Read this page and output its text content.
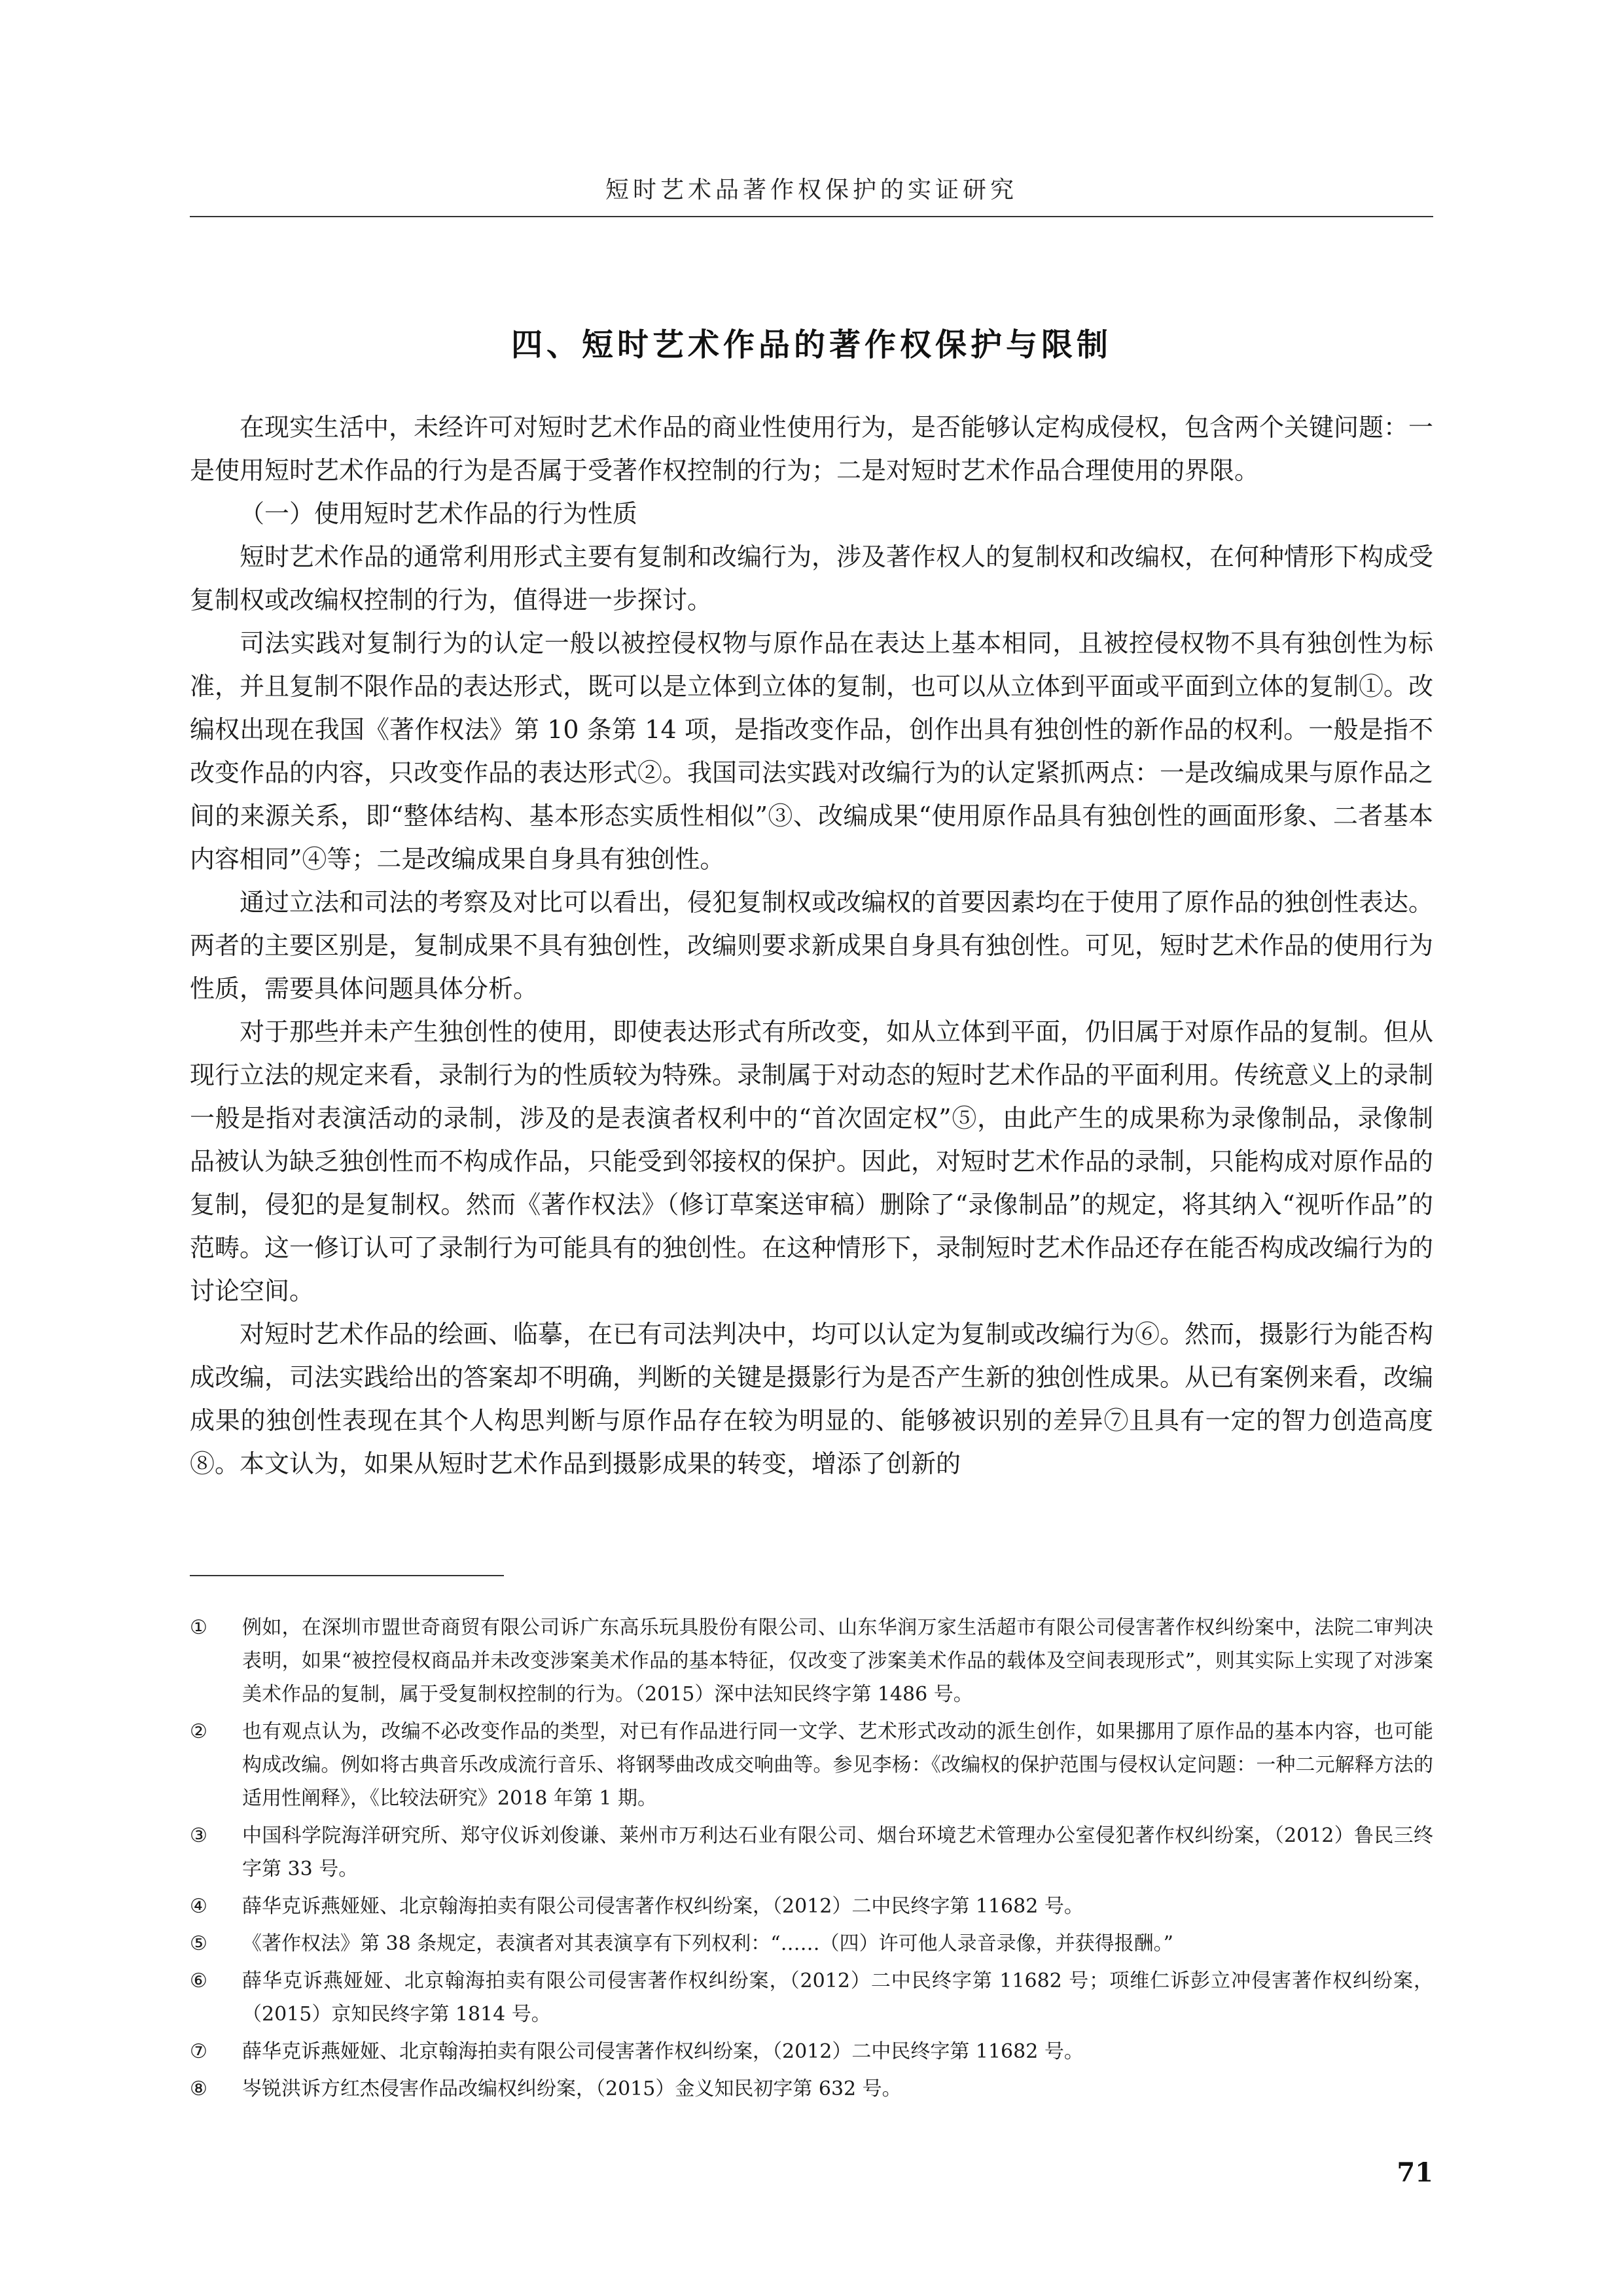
短时艺术品著作权保护的实证研究
四、短时艺术作品的著作权保护与限制

在现实生活中，未经许可对短时艺术作品的商业性使用行为，是否能够认定构成侵权，包含两个关键问题：一是使用短时艺术作品的行为是否属于受著作权控制的行为；二是对短时艺术作品合理使用的界限。

（一）使用短时艺术作品的行为性质

短时艺术作品的通常利用形式主要有复制和改编行为，涉及著作权人的复制权和改编权，在何种情形下构成受复制权或改编权控制的行为，值得进一步探讨。

司法实践对复制行为的认定一般以被控侵权物与原作品在表达上基本相同，且被控侵权物不具有独创性为标准，并且复制不限作品的表达形式，既可以是立体到立体的复制，也可以从立体到平面或平面到立体的复制①。改编权出现在我国《著作权法》第 10 条第 14 项，是指改变作品，创作出具有独创性的新作品的权利。一般是指不改变作品的内容，只改变作品的表达形式②。我国司法实践对改编行为的认定紧抓两点：一是改编成果与原作品之间的来源关系，即“整体结构、基本形态实质性相似”③、改编成果“使用原作品具有独创性的画面形象、二者基本内容相同”④等；二是改编成果自身具有独创性。

通过立法和司法的考察及对比可以看出，侵犯复制权或改编权的首要因素均在于使用了原作品的独创性表达。两者的主要区别是，复制成果不具有独创性，改编则要求新成果自身具有独创性。可见，短时艺术作品的使用行为性质，需要具体问题具体分析。

对于那些并未产生独创性的使用，即使表达形式有所改变，如从立体到平面，仍旧属于对原作品的复制。但从现行立法的规定来看，录制行为的性质较为特殊。录制属于对动态的短时艺术作品的平面利用。传统意义上的录制一般是指对表演活动的录制，涉及的是表演者权利中的“首次固定权”⑤，由此产生的成果称为录像制品，录像制品被认为缺乏独创性而不构成作品，只能受到邻接权的保护。因此，对短时艺术作品的录制，只能构成对原作品的复制，侵犯的是复制权。然而《著作权法》（修订草案送审稿）删除了“录像制品”的规定，将其纳入“视听作品”的范畴。这一修订认可了录制行为可能具有的独创性。在这种情形下，录制短时艺术作品还存在能否构成改编行为的讨论空间。

对短时艺术作品的绘画、临摹，在已有司法判决中，均可以认定为复制或改编行为⑥。然而，摄影行为能否构成改编，司法实践给出的答案却不明确，判断的关键是摄影行为是否产生新的独创性成果。从已有案例来看，改编成果的独创性表现在其个人构思判断与原作品存在较为明显的、能够被识别的差异⑦且具有一定的智力创造高度⑧。本文认为，如果从短时艺术作品到摄影成果的转变，增添了创新的

①	例如，在深圳市盟世奇商贸有限公司诉广东高乐玩具股份有限公司、山东华润万家生活超市有限公司侵害著作权纠纷案中，法院二审判决表明，如果“被控侵权商品并未改变涉案美术作品的基本特征，仅改变了涉案美术作品的载体及空间表现形式”，则其实际上实现了对涉案美术作品的复制，属于受复制权控制的行为。（2015）深中法知民终字第 1486 号。
②	也有观点认为，改编不必改变作品的类型，对已有作品进行同一文学、艺术形式改动的派生创作，如果挪用了原作品的基本内容，也可能构成改编。例如将古典音乐改成流行音乐、将钢琴曲改成交响曲等。参见李杨：《改编权的保护范围与侵权认定问题：一种二元解释方法的适用性阐释》，《比较法研究》2018 年第 1 期。
③	中国科学院海洋研究所、郑守仪诉刘俊谦、莱州市万利达石业有限公司、烟台环境艺术管理办公室侵犯著作权纠纷案，（2012）鲁民三终字第 33 号。
④	薛华克诉燕娅娅、北京翰海拍卖有限公司侵害著作权纠纷案，（2012）二中民终字第 11682 号。
⑤	《著作权法》第 38 条规定，表演者对其表演享有下列权利：“……（四）许可他人录音录像，并获得报酬。”
⑥	薛华克诉燕娅娅、北京翰海拍卖有限公司侵害著作权纠纷案，（2012）二中民终字第 11682 号；项维仁诉彭立冲侵害著作权纠纷案，（2015）京知民终字第 1814 号。
⑦	薛华克诉燕娅娅、北京翰海拍卖有限公司侵害著作权纠纷案，（2012）二中民终字第 11682 号。
⑧	岑锐洪诉方红杰侵害作品改编权纠纷案，（2015）金义知民初字第 632 号。
71
